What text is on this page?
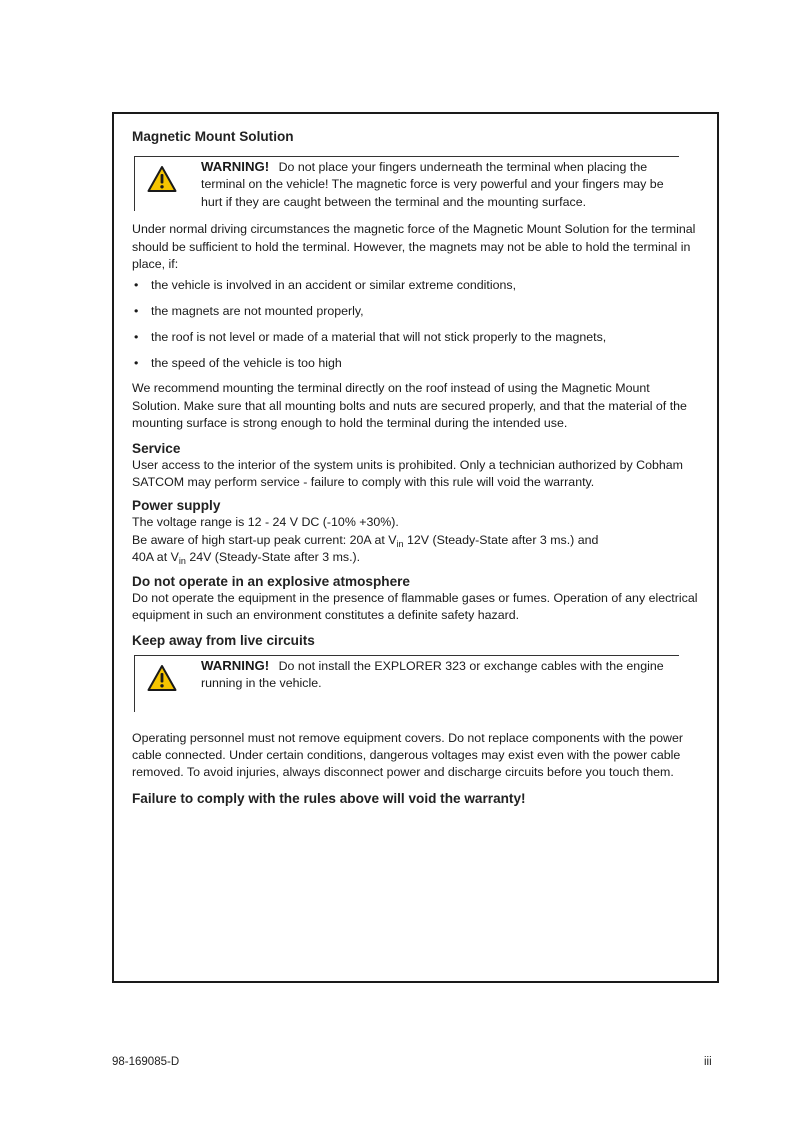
Magnetic Mount Solution
WARNING! Do not place your fingers underneath the terminal when placing the terminal on the vehicle! The magnetic force is very powerful and your fingers may be hurt if they are caught between the terminal and the mounting surface.

Under normal driving circumstances the magnetic force of the Magnetic Mount Solution for the terminal should be sufficient to hold the terminal. However, the magnets may not be able to hold the terminal in place, if:

• the vehicle is involved in an accident or similar extreme conditions,
• the magnets are not mounted properly,
• the roof is not level or made of a material that will not stick properly to the magnets,
• the speed of the vehicle is too high

We recommend mounting the terminal directly on the roof instead of using the Magnetic Mount Solution. Make sure that all mounting bolts and nuts are secured properly, and that the material of the mounting surface is strong enough to hold the terminal during the intended use.

Service

User access to the interior of the system units is prohibited. Only a technician authorized by Cobham SATCOM may perform service - failure to comply with this rule will void the warranty.

Power supply

The voltage range is 12 - 24 V DC (-10% +30%).

Be aware of high start-up peak current: 20A at $V_{in}$ 12V (Steady-State after 3 ms.) and

40A at $V_{in}$ 24V (Steady-State after 3 ms.).

Do not operate in an explosive atmosphere

Do not operate the equipment in the presence of flammable gases or fumes. Operation of any electrical equipment in such an environment constitutes a definite safety hazard.

Keep away from live circuits
WARNING! Do not install the EXPLORER 323 or exchange cables with the engine running in the vehicle.

Operating personnel must not remove equipment covers. Do not replace components with the power cable connected. Under certain conditions, dangerous voltages may exist even with the power cable removed. To avoid injuries, always disconnect power and discharge circuits before you touch them.

Failure to comply with the rules above will void the warranty!
98-169085-D	iii
